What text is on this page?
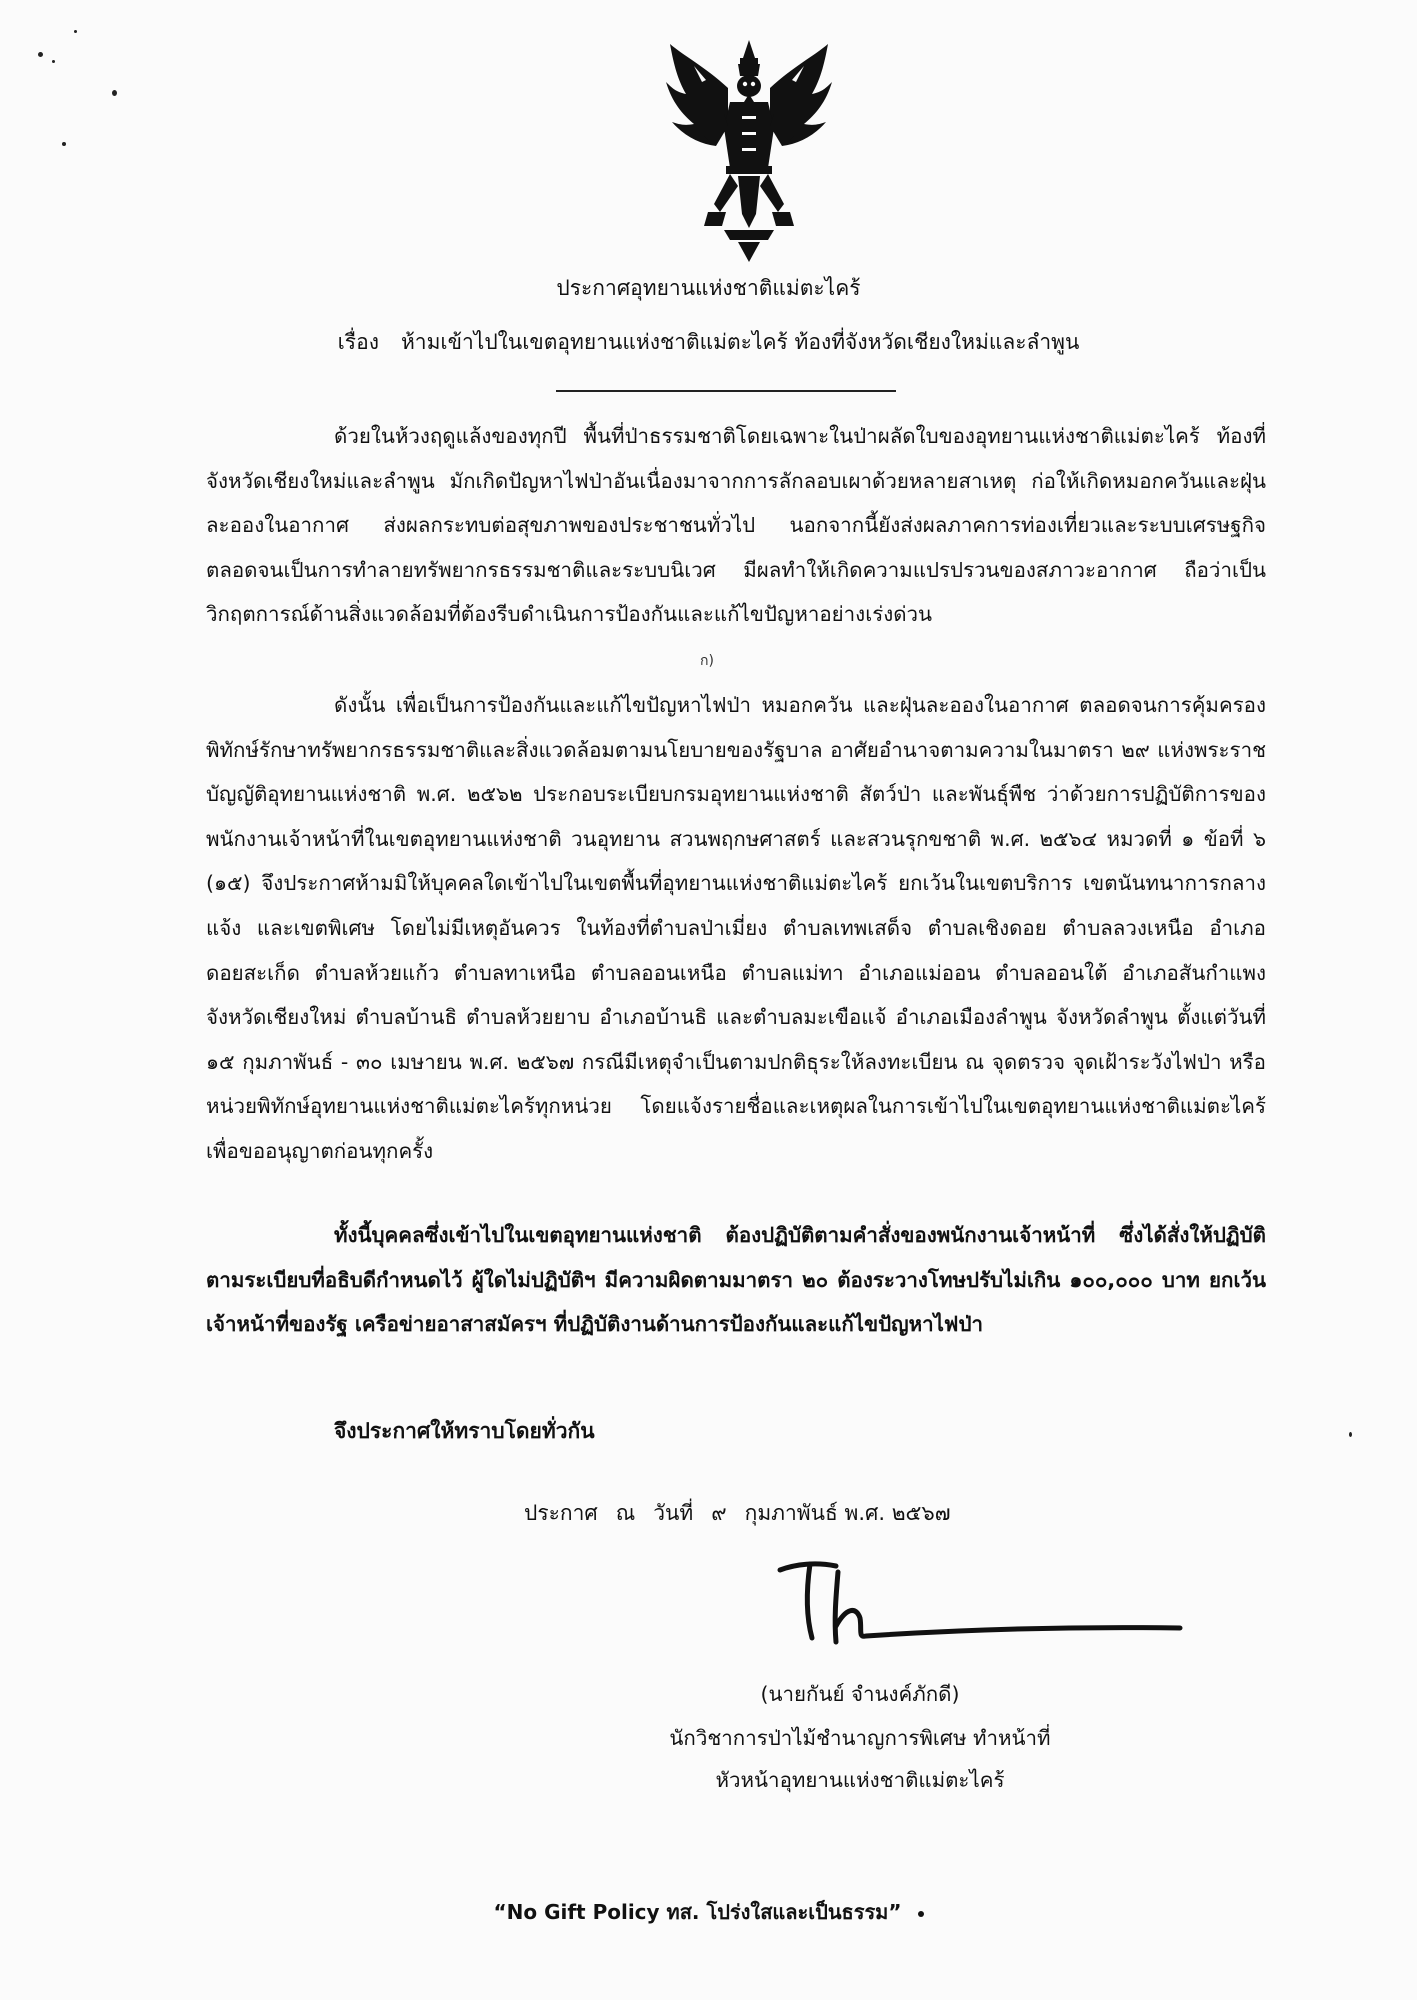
ประกาศอุทยานแห่งชาติแม่ตะไคร้
เรื่อง ห้ามเข้าไปในเขตอุทยานแห่งชาติแม่ตะไคร้ ท้องที่จังหวัดเชียงใหม่และลำพูน

ด้วยในห้วงฤดูแล้งของทุกปี พื้นที่ป่าธรรมชาติโดยเฉพาะในป่าผลัดใบของอุทยานแห่งชาติแม่ตะไคร้ ท้องที่จังหวัดเชียงใหม่และลำพูน มักเกิดปัญหาไฟป่าอันเนื่องมาจากการลักลอบเผาด้วยหลายสาเหตุ ก่อให้เกิดหมอกควันและฝุ่นละอองในอากาศ ส่งผลกระทบต่อสุขภาพของประชาชนทั่วไป นอกจากนี้ยังส่งผลภาคการท่องเที่ยวและระบบเศรษฐกิจ ตลอดจนเป็นการทำลายทรัพยากรธรรมชาติและระบบนิเวศ มีผลทำให้เกิดความแปรปรวนของสภาวะอากาศ ถือว่าเป็นวิกฤตการณ์ด้านสิ่งแวดล้อมที่ต้องรีบดำเนินการป้องกันและแก้ไขปัญหาอย่างเร่งด่วน

ก)

ดังนั้น เพื่อเป็นการป้องกันและแก้ไขปัญหาไฟป่า หมอกควัน และฝุ่นละอองในอากาศ ตลอดจนการคุ้มครอง พิทักษ์รักษาทรัพยากรธรรมชาติและสิ่งแวดล้อมตามนโยบายของรัฐบาล อาศัยอำนาจตามความในมาตรา ๒๙ แห่งพระราชบัญญัติอุทยานแห่งชาติ พ.ศ. ๒๕๖๒ ประกอบระเบียบกรมอุทยานแห่งชาติ สัตว์ป่า และพันธุ์พืช ว่าด้วยการปฏิบัติการของพนักงานเจ้าหน้าที่ในเขตอุทยานแห่งชาติ วนอุทยาน สวนพฤกษศาสตร์ และสวนรุกขชาติ พ.ศ. ๒๕๖๔ หมวดที่ ๑ ข้อที่ ๖ (๑๕) จึงประกาศห้ามมิให้บุคคลใดเข้าไปในเขตพื้นที่อุทยานแห่งชาติแม่ตะไคร้ ยกเว้นในเขตบริการ เขตนันทนาการกลางแจ้ง และเขตพิเศษ โดยไม่มีเหตุอันควร ในท้องที่ตำบลป่าเมี่ยง ตำบลเทพเสด็จ ตำบลเชิงดอย ตำบลลวงเหนือ อำเภอดอยสะเก็ด ตำบลห้วยแก้ว ตำบลทาเหนือ ตำบลออนเหนือ ตำบลแม่ทา อำเภอแม่ออน ตำบลออนใต้ อำเภอสันกำแพง จังหวัดเชียงใหม่ ตำบลบ้านธิ ตำบลห้วยยาบ อำเภอบ้านธิ และตำบลมะเขือแจ้ อำเภอเมืองลำพูน จังหวัดลำพูน ตั้งแต่วันที่ ๑๕ กุมภาพันธ์ - ๓๐ เมษายน พ.ศ. ๒๕๖๗ กรณีมีเหตุจำเป็นตามปกติธุระให้ลงทะเบียน ณ จุดตรวจ จุดเฝ้าระวังไฟป่า หรือหน่วยพิทักษ์อุทยานแห่งชาติแม่ตะไคร้ทุกหน่วย โดยแจ้งรายชื่อและเหตุผลในการเข้าไปในเขตอุทยานแห่งชาติแม่ตะไคร้เพื่อขออนุญาตก่อนทุกครั้ง

ทั้งนี้บุคคลซึ่งเข้าไปในเขตอุทยานแห่งชาติ ต้องปฏิบัติตามคำสั่งของพนักงานเจ้าหน้าที่ ซึ่งได้สั่งให้ปฏิบัติตามระเบียบที่อธิบดีกำหนดไว้ ผู้ใดไม่ปฏิบัติฯ มีความผิดตามมาตรา ๒๐ ต้องระวางโทษปรับไม่เกิน ๑๐๐,๐๐๐ บาท ยกเว้นเจ้าหน้าที่ของรัฐ เครือข่ายอาสาสมัครฯ ที่ปฏิบัติงานด้านการป้องกันและแก้ไขปัญหาไฟป่า

จึงประกาศให้ทราบโดยทั่วกัน
ประกาศ ณ วันที่ ๙ กุมภาพันธ์ พ.ศ. ๒๕๖๗
(นายกันย์ จำนงค์ภักดี)
นักวิชาการป่าไม้ชำนาญการพิเศษ ทำหน้าที่
หัวหน้าอุทยานแห่งชาติแม่ตะไคร้
“No Gift Policy ทส. โปร่งใสและเป็นธรรม”
